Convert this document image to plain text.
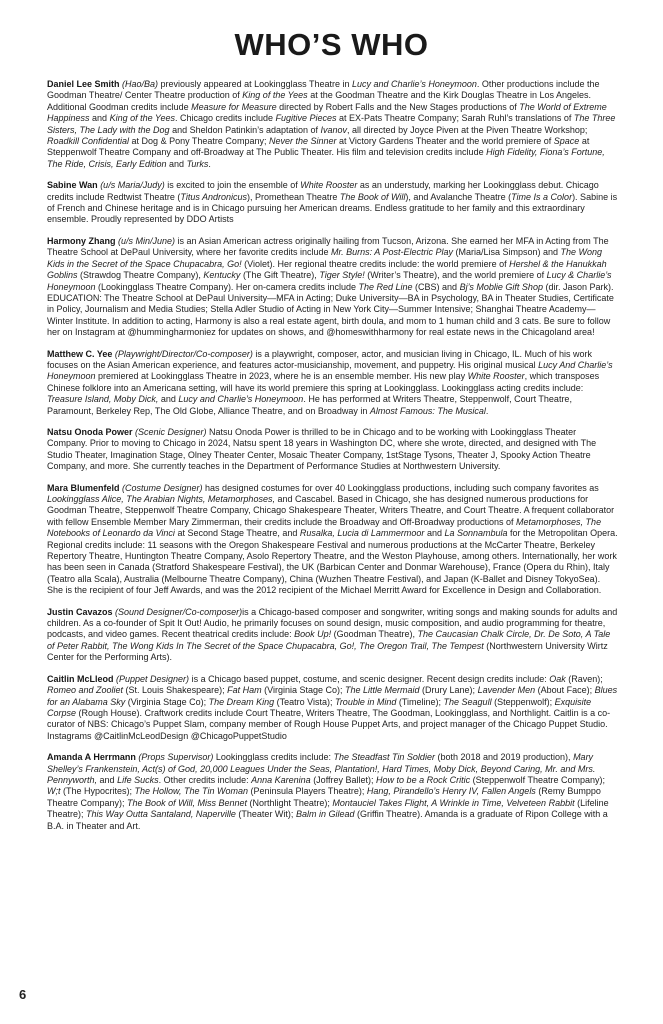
WHO’S WHO

Daniel Lee Smith (Hao/Ba) previously appeared at Lookingglass Theatre in Lucy and Charlie’s Honeymoon. Other productions include the Goodman Theatre/ Center Theatre production of King of the Yees at the Goodman Theatre and the Kirk Douglas Theatre in Los Angeles. Additional Goodman credits include Measure for Measure directed by Robert Falls and the New Stages productions of The World of Extreme Happiness and King of the Yees. Chicago credits include Fugitive Pieces at EX-Pats Theatre Company; Sarah Ruhl’s translations of The Three Sisters, The Lady with the Dog and Sheldon Patinkin’s adaptation of Ivanov, all directed by Joyce Piven at the Piven Theatre Workshop; Roadkill Confidential at Dog & Pony Theatre Company; Never the Sinner at Victory Gardens Theater and the world premiere of Space at Steppenwolf Theatre Company and off-Broadway at The Public Theater. His film and television credits include High Fidelity, Fiona’s Fortune, The Ride, Crisis, Early Edition and Turks.

Sabine Wan (u/s Maria/Judy) is excited to join the ensemble of White Rooster as an understudy, marking her Lookingglass debut. Chicago credits include Redtwist Theatre (Titus Andronicus), Promethean Theatre The Book of Will), and Avalanche Theatre (Time Is a Color). Sabine is of French and Chinese heritage and is in Chicago pursuing her American dreams. Endless gratitude to her family and this extraordinary ensemble. Proudly represented by DDO Artists

Harmony Zhang (u/s Min/June) is an Asian American actress originally hailing from Tucson, Arizona. She earned her MFA in Acting from The Theatre School at DePaul University, where her favorite credits include Mr. Burns: A Post-Electric Play (Maria/Lisa Simpson) and The Wong Kids in the Secret of the Space Chupacabra, Go! (Violet). Her regional theatre credits include: the world premiere of Hershel & the Hanukkah Goblins (Strawdog Theatre Company), Kentucky (The Gift Theatre), Tiger Style! (Writer’s Theatre), and the world premiere of Lucy & Charlie’s Honeymoon (Lookingglass Theatre Company). Her on-camera credits include The Red Line (CBS) and Bj’s Moblie Gift Shop (dir. Jason Park). EDUCATION: The Theatre School at DePaul University—MFA in Acting; Duke University—BA in Psychology, BA in Theater Studies, Certificate in Policy, Journalism and Media Studies; Stella Adler Studio of Acting in New York City—Summer Intensive; Shanghai Theatre Academy—Winter Institute. In addition to acting, Harmony is also a real estate agent, birth doula, and mom to 1 human child and 3 cats. Be sure to follow her on Instagram at @hummingharmoniez for updates on shows, and @homeswithharmony for real estate news in the Chicagoland area!

Matthew C. Yee (Playwright/Director/Co-composer) is a playwright, composer, actor, and musician living in Chicago, IL. Much of his work focuses on the Asian American experience, and features actor-musicianship, movement, and puppetry. His original musical Lucy And Charlie’s Honeymoon premiered at Lookingglass Theatre in 2023, where he is an ensemble member. His new play White Rooster, which transposes Chinese folklore into an Americana setting, will have its world premiere this spring at Lookingglass. Lookingglass acting credits include: Treasure Island, Moby Dick, and Lucy and Charlie’s Honeymoon. He has performed at Writers Theatre, Steppenwolf, Court Theatre, Paramount, Berkeley Rep, The Old Globe, Alliance Theatre, and on Broadway in Almost Famous: The Musical.

Natsu Onoda Power (Scenic Designer) Natsu Onoda Power is thrilled to be in Chicago and to be working with Lookingglass Theater Company. Prior to moving to Chicago in 2024, Natsu spent 18 years in Washington DC, where she wrote, directed, and designed with The Studio Theater, Imagination Stage, Olney Theater Center, Mosaic Theater Company, 1stStage Tysons, Theater J, Spooky Action Theatre Company, and more. She currently teaches in the Department of Performance Studies at Northwestern University.

Mara Blumenfeld (Costume Designer) has designed costumes for over 40 Lookingglass productions, including such company favorites as Lookingglass Alice, The Arabian Nights, Metamorphoses, and Cascabel. Based in Chicago, she has designed numerous productions for Goodman Theatre, Steppenwolf Theatre Company, Chicago Shakespeare Theater, Writers Theatre, and Court Theatre. A frequent collaborator with fellow Ensemble Member Mary Zimmerman, their credits include the Broadway and Off-Broadway productions of Metamorphoses, The Notebooks of Leonardo da Vinci at Second Stage Theatre, and Rusalka, Lucia di Lammermoor and La Sonnambula for the Metropolitan Opera. Regional credits include: 11 seasons with the Oregon Shakespeare Festival and numerous productions at the McCarter Theatre, Berkeley Repertory Theatre, Huntington Theatre Company, Asolo Repertory Theatre, and the Weston Playhouse, among others. Internationally, her work has been seen in Canada (Stratford Shakespeare Festival), the UK (Barbican Center and Donmar Warehouse), France (Opera du Rhin), Italy (Teatro alla Scala), Australia (Melbourne Theatre Company), China (Wuzhen Theatre Festival), and Japan (K-Ballet and Disney TokyoSea). She is the recipient of four Jeff Awards, and was the 2012 recipient of the Michael Merritt Award for Excellence in Design and Collaboration.

Justin Cavazos (Sound Designer/Co-composer)is a Chicago-based composer and songwriter, writing songs and making sounds for adults and children. As a co-founder of Spit It Out! Audio, he primarily focuses on sound design, music composition, and audio programming for theatre, podcasts, and video games. Recent theatrical credits include: Book Up! (Goodman Theatre), The Caucasian Chalk Circle, Dr. De Soto, A Tale of Peter Rabbit, The Wong Kids In The Secret of the Space Chupacabra, Go!, The Oregon Trail, The Tempest (Northwestern University Wirtz Center for the Performing Arts).

Caitlin McLleod (Puppet Designer) is a Chicago based puppet, costume, and scenic designer. Recent design credits include: Oak (Raven); Romeo and Zooliet (St. Louis Shakespeare); Fat Ham (Virginia Stage Co); The Little Mermaid (Drury Lane); Lavender Men (About Face); Blues for an Alabama Sky (Virginia Stage Co); The Dream King (Teatro Vista); Trouble in Mind (Timeline); The Seagull (Steppenwolf); Exquisite Corpse (Rough House). Craftwork credits include Court Theatre, Writers Theatre, The Goodman, Lookingglass, and Northlight. Caitlin is a co-curator of NBS: Chicago’s Puppet Slam, company member of Rough House Puppet Arts, and project manager of the Chicago Puppet Studio. Instagrams @CaitlinMcLeodDesign @ChicagoPuppetStudio

Amanda A Herrmann (Props Supervisor) Lookingglass credits include: The Steadfast Tin Soldier (both 2018 and 2019 production), Mary Shelley’s Frankenstein, Act(s) of God, 20,000 Leagues Under the Seas, Plantation!, Hard Times, Moby Dick, Beyond Caring, Mr. and Mrs. Pennyworth, and Life Sucks. Other credits include: Anna Karenina (Joffrey Ballet); How to be a Rock Critic (Steppenwolf Theatre Company); W;t (The Hypocrites); The Hollow, The Tin Woman (Peninsula Players Theatre); Hang, Pirandello’s Henry IV, Fallen Angels (Remy Bumppo Theatre Company); The Book of Will, Miss Bennet (Northlight Theatre); Montauciel Takes Flight, A Wrinkle in Time, Velveteen Rabbit (Lifeline Theatre); This Way Outta Santaland, Naperville (Theater Wit); Balm in Gilead (Griffin Theatre). Amanda is a graduate of Ripon College with a B.A. in Theater and Art.

6
